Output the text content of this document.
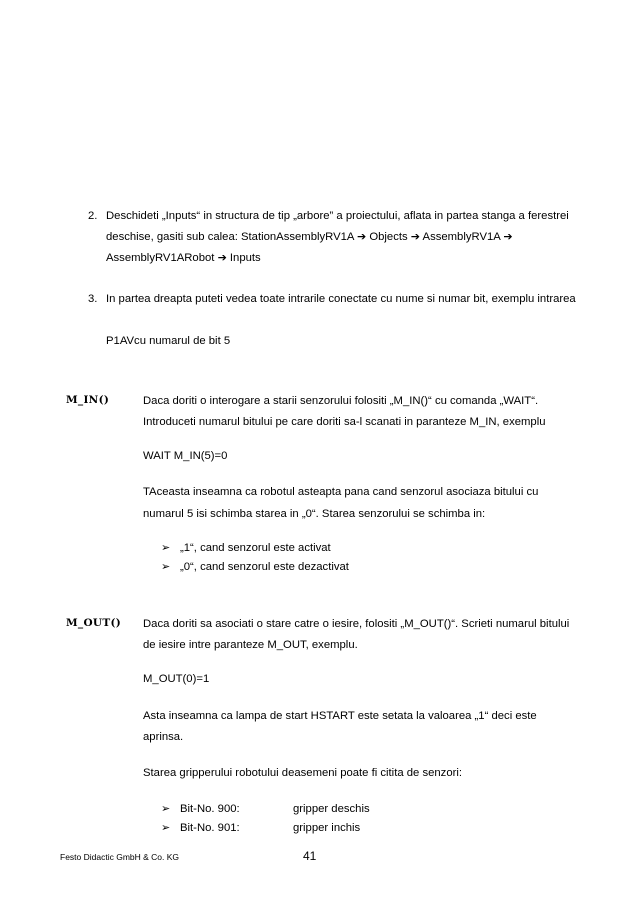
2. Deschideti „Inputs“ in structura de tip „arbore” a proiectului, aflata in partea stanga a ferestrei
deschise, gasiti sub calea: StationAssemblyRV1A ➔ Objects ➔ AssemblyRV1A ➔
AssemblyRV1ARobot ➔ Inputs
3. In partea dreapta puteti vedea toate intrarile conectate cu nume si numar bit, exemplu intrarea
P1AVcu numarul de bit 5
M_IN()	Daca doriti o interogare a starii senzorului folositi „M_IN()“ cu comanda „WAIT“.
Introduceti numarul bitului pe care doriti sa-l scanati in paranteze M_IN, exemplu
WAIT M_IN(5)=0
TAceasta inseamna ca robotul asteapta pana cand senzorul asociaza bitului cu
numarul 5 isi schimba starea in „0“. Starea senzorului se schimba in:
➢ „1“, cand senzorul este activat
➢ „0“, cand senzorul este dezactivat
M_OUT() Daca doriti sa asociati o stare catre o iesire, folositi „M_OUT()“. Scrieti numarul bitului
de iesire intre paranteze M_OUT, exemplu.
M_OUT(0)=1
Asta inseamna ca lampa de start HSTART este setata la valoarea „1“ deci este
aprinsa.
Starea gripperului robotului deasemeni poate fi citita de senzori:
➢ Bit-No. 900:	gripper deschis
➢ Bit-No. 901:	gripper inchis
Festo Didactic GmbH & Co. KG	41
